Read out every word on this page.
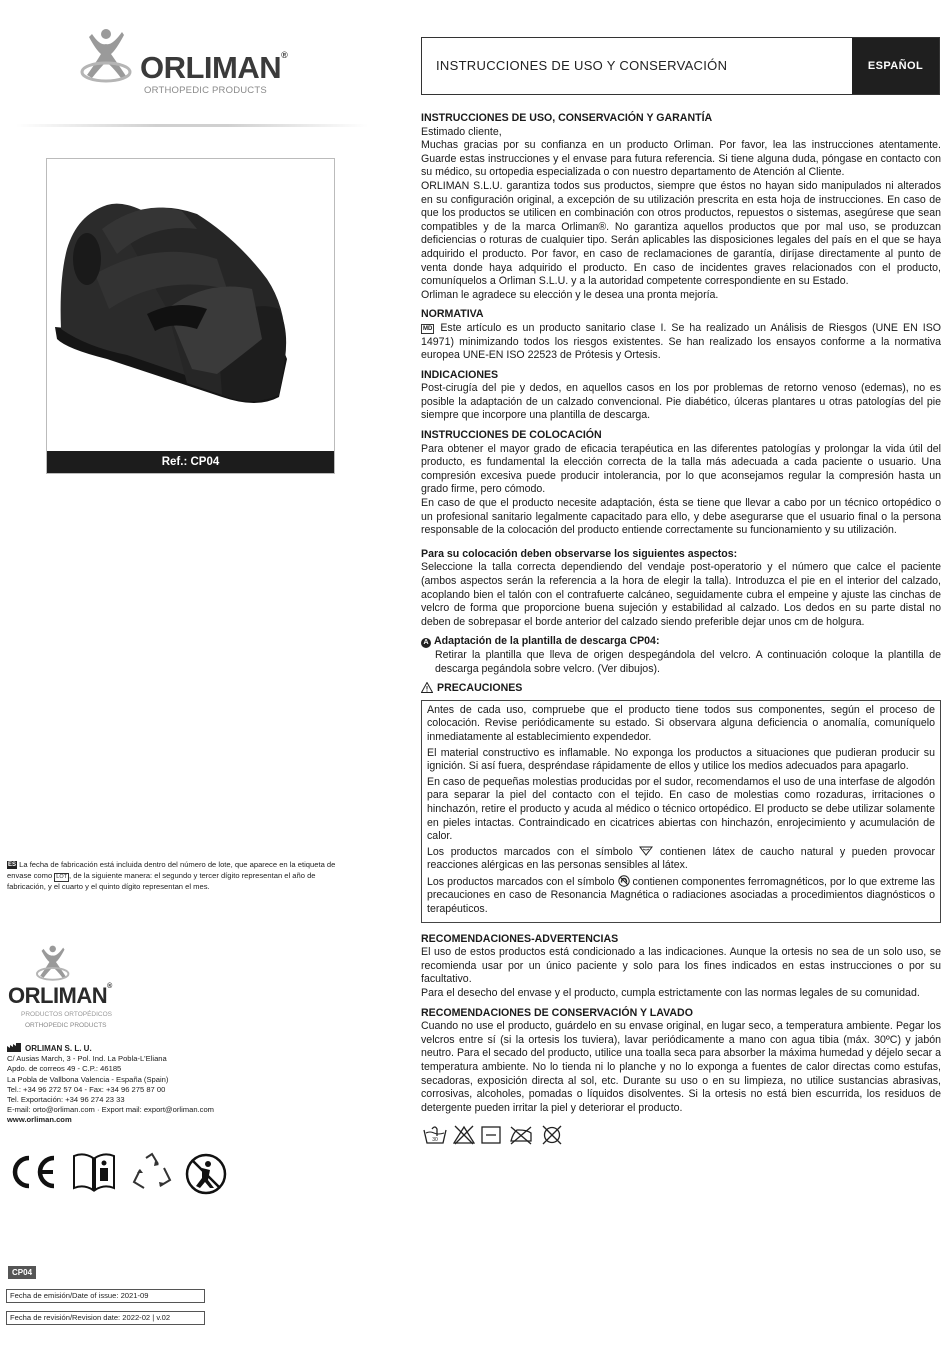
ORLIMAN®
ORTHOPEDIC PRODUCTS
Ref.: CP04
ES La fecha de fabricación está incluida dentro del número de lote, que aparece en la etiqueta de envase como LOT , de la siguiente manera: el segundo y tercer dígito representan el año de fabricación, y el cuarto y el quinto dígito representan el mes.
ORLIMAN®
PRODUCTOS ORTOPÉDICOS
ORTHOPEDIC PRODUCTS
ORLIMAN S. L. U.
C/ Ausias March, 3 - Pol. Ind. La Pobla-L'Eliana
Apdo. de correos 49 - C.P.: 46185
La Pobla de Vallbona Valencia - España (Spain)
Tel.: +34 96 272 57 04 - Fax: +34 96 275 87 00
Tel. Exportación: +34 96 274 23 33
E-mail: orto@orliman.com · Export mail: export@orliman.com
www.orliman.com
CP04
Fecha de emisión/Date of issue: 2021-09
Fecha de revisión/Revision date: 2022-02 | v.02
INSTRUCCIONES DE USO Y CONSERVACIÓN	ESPAÑOL
INSTRUCCIONES DE USO, CONSERVACIÓN Y GARANTÍA

Estimado cliente,

Muchas gracias por su confianza en un producto Orliman. Por favor, lea las instrucciones atentamente. Guarde estas instrucciones y el envase para futura referencia. Si tiene alguna duda, póngase en contacto con su médico, su ortopedia especializada o con nuestro departamento de Atención al Cliente.

ORLIMAN S.L.U. garantiza todos sus productos, siempre que éstos no hayan sido manipulados ni alterados en su configuración original, a excepción de su utilización prescrita en esta hoja de instrucciones. En caso de que los productos se utilicen en combinación con otros productos, repuestos o sistemas, asegúrese que sean compatibles y de la marca Orliman®. No garantiza aquellos productos que por mal uso, se produzcan deficiencias o roturas de cualquier tipo. Serán aplicables las disposiciones legales del país en el que se haya adquirido el producto. Por favor, en caso de reclamaciones de garantía, diríjase directamente al punto de venta donde haya adquirido el producto. En caso de incidentes graves relacionados con el producto, comuníquelos a Orliman S.L.U. y a la autoridad competente correspondiente en su Estado.

Orliman le agradece su elección y le desea una pronta mejoría.

NORMATIVA

MD Este artículo es un producto sanitario clase I. Se ha realizado un Análisis de Riesgos (UNE EN ISO 14971) minimizando todos los riesgos existentes. Se han realizado los ensayos conforme a la normativa europea UNE-EN ISO 22523 de Prótesis y Ortesis.

INDICACIONES

Post-cirugía del pie y dedos, en aquellos casos en los por problemas de retorno venoso (edemas), no es posible la adaptación de un calzado convencional. Pie diabético, úlceras plantares u otras patologías del pie siempre que incorpore una plantilla de descarga.

INSTRUCCIONES DE COLOCACIÓN

Para obtener el mayor grado de eficacia terapéutica en las diferentes patologías y prolongar la vida útil del producto, es fundamental la elección correcta de la talla más adecuada a cada paciente o usuario. Una compresión excesiva puede producir intolerancia, por lo que aconsejamos regular la compresión hasta un grado firme, pero cómodo.

En caso de que el producto necesite adaptación, ésta se tiene que llevar a cabo por un técnico ortopédico o un profesional sanitario legalmente capacitado para ello, y debe asegurarse que el usuario final o la persona responsable de la colocación del producto entiende correctamente su funcionamiento y su utilización.

Para su colocación deben observarse los siguientes aspectos:

Seleccione la talla correcta dependiendo del vendaje post-operatorio y el número que calce el paciente (ambos aspectos serán la referencia a la hora de elegir la talla). Introduzca el pie en el interior del calzado, acoplando bien el talón con el contrafuerte calcáneo, seguidamente cubra el empeine y ajuste las cinchas de velcro de forma que proporcione buena sujeción y estabilidad al calzado. Los dedos en su parte distal no deben de sobrepasar el borde anterior del calzado siendo preferible dejar unos cm de holgura.

A Adaptación de la plantilla de descarga CP04:

Retirar la plantilla que lleva de origen despegándola del velcro. A continuación coloque la plantilla de descarga pegándola sobre velcro. (Ver dibujos).

PRECAUCIONES

Antes de cada uso, compruebe que el producto tiene todos sus componentes, según el proceso de colocación. Revise periódicamente su estado. Si observara alguna deficiencia o anomalía, comuníquelo inmediatamente al establecimiento expendedor.

El material constructivo es inflamable. No exponga los productos a situaciones que pudieran producir su ignición. Si así fuera, despréndase rápidamente de ellos y utilice los medios adecuados para apagarlo.

En caso de pequeñas molestias producidas por el sudor, recomendamos el uso de una interfase de algodón para separar la piel del contacto con el tejido. En caso de molestias como rozaduras, irritaciones o hinchazón, retire el producto y acuda al médico o técnico ortopédico. El producto se debe utilizar solamente en pieles intactas. Contraindicado en cicatrices abiertas con hinchazón, enrojecimiento y acumulación de calor.

Los productos marcados con el símbolo	contienen látex de caucho natural y pueden provocar reacciones alérgicas en las personas sensibles al látex.

Los productos marcados con el símbolo contienen componentes ferromagnéticos, por lo que extreme las precauciones en caso de Resonancia Magnética o radiaciones asociadas a procedimientos diagnósticos o terapéuticos.

RECOMENDACIONES-ADVERTENCIAS

El uso de estos productos está condicionado a las indicaciones. Aunque la ortesis no sea de un solo uso, se recomienda usar por un único paciente y solo para los fines indicados en estas instrucciones o por su facultativo.

Para el desecho del envase y el producto, cumpla estrictamente con las normas legales de su comunidad.

RECOMENDACIONES DE CONSERVACIÓN Y LAVADO

Cuando no use el producto, guárdelo en su envase original, en lugar seco, a temperatura ambiente. Pegar los velcros entre sí (si la ortesis los tuviera), lavar periódicamente a mano con agua tibia (máx. 30ºC) y jabón neutro. Para el secado del producto, utilice una toalla seca para absorber la máxima humedad y déjelo secar a temperatura ambiente. No lo tienda ni lo planche y no lo exponga a fuentes de calor directas como estufas, secadoras, exposición directa al sol, etc. Durante su uso o en su limpieza, no utilice sustancias abrasivas, corrosivas, alcoholes, pomadas o líquidos disolventes. Si la ortesis no está bien escurrida, los residuos de detergente pueden irritar la piel y deteriorar el producto.

30
